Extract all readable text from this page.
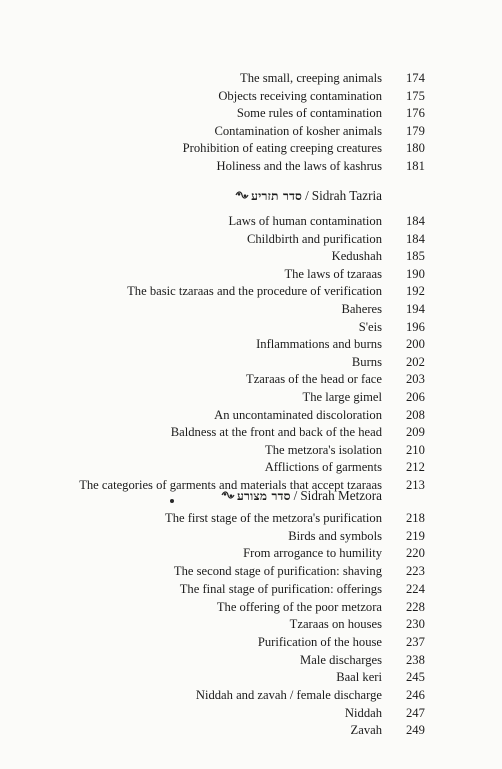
The small, creeping animals 174
Objects receiving contamination 175
Some rules of contamination 176
Contamination of kosher animals 179
Prohibition of eating creeping creatures 180
Holiness and the laws of kashrus 181
סדר תזריע / Sidrah Tazria
Laws of human contamination 184
Childbirth and purification 184
Kedushah 185
The laws of tzaraas 190
The basic tzaraas and the procedure of verification 192
Baheres 194
S'eis 196
Inflammations and burns 200
Burns 202
Tzaraas of the head or face 203
The large gimel 206
An uncontaminated discoloration 208
Baldness at the front and back of the head 209
The metzora's isolation 210
Afflictions of garments 212
The categories of garments and materials that accept tzaraas 213
סדר מצורע / Sidrah Metzora
The first stage of the metzora's purification 218
Birds and symbols 219
From arrogance to humility 220
The second stage of purification: shaving 223
The final stage of purification: offerings 224
The offering of the poor metzora 228
Tzaraas on houses 230
Purification of the house 237
Male discharges 238
Baal keri 245
Niddah and zavah / female discharge 246
Niddah 247
Zavah 249
